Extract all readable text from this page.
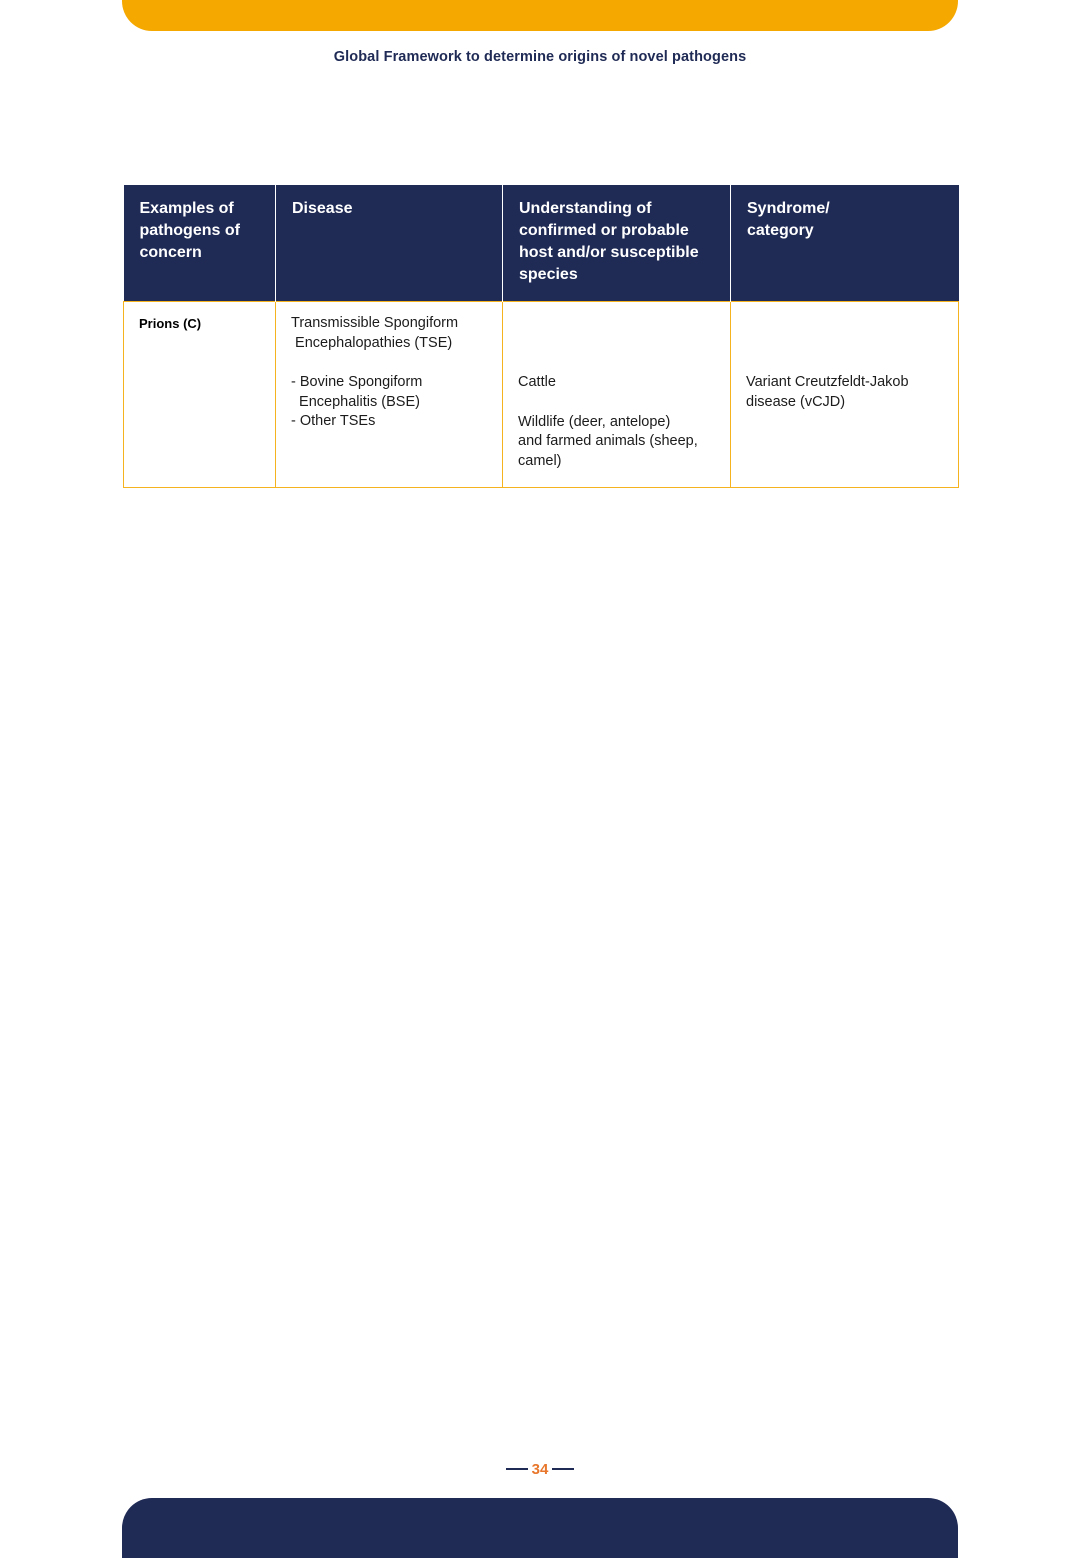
Global Framework to determine origins of novel pathogens
Examples of
pathogens of
concern	Disease	Understanding of
confirmed or probable
host and/or susceptible
species	Syndrome/
category

Prions (C)	Transmissible Spongiform
Encephalopathies (TSE)
- Bovine Spongiform
Encephalitis (BSE)
- Other TSEs	Cattle
Wildlife (deer, antelope)
and farmed animals (sheep,
camel)	Variant Creutzfeldt-Jakob
disease (vCJD)
34
